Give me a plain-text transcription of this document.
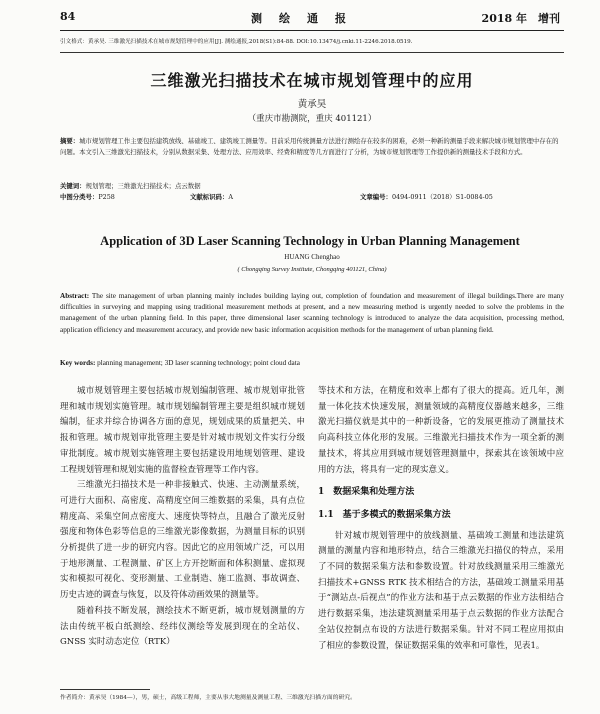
84	测　绘　通　报	2018 年　增刊
引文格式：黄承昊. 三维激光扫描技术在城市规划管理中的应用[J]. 测绘通报,2018(S1):84-88. DOI:10.13474/j.cnki.11-2246.2018.0519.
三维激光扫描技术在城市规划管理中的应用
黄承昊
（重庆市勘测院，重庆 401121）
摘要：城市规划管理工作主要包括建筑放线、基础竣工、建筑竣工测量等。目前采用传统测量方法进行测绘存在较多的困难，必须一种新的测量手段来解决城市规划管理中存在的问题。本文引入三维激光扫描技术，分别从数据采集、处理方法、应用效率、经费和精度等几方面进行了分析，为城市规划管理等工作提供新的测量技术手段和方式。
关键词：规划管理；三维激光扫描技术；点云数据
中图分类号：P258	文献标识码：A	文章编号：0494-0911（2018）S1-0084-05
Application of 3D Laser Scanning Technology in Urban Planning Management
HUANG Chenghao
( Chongqing Survey Institute, Chongqing 401121, China)
Abstract: The site management of urban planning mainly includes building laying out, completion of foundation and measurement of illegal buildings.There are many difficulties in surveying and mapping using traditional measurement methods at present, and a new measuring method is urgently needed to solve the problems in the management of the urban planning field. In this paper, three dimensional laser scanning technology is introduced to analyze the data acquisition, processing method, application efficiency and measurement accuracy, and provide new basic information acquisition methods for the management of urban planning field.
Key words: planning management; 3D laser scanning technology; point cloud data

城市规划管理主要包括城市规划编制管理、城市规划审批管理和城市规划实施管理。城市规划编制管理主要是组织城市规划编制，征求并综合协调各方面的意见，规划成果的质量把关、申报和管理。城市规划审批管理主要是针对城市规划文件实行分级审批制度。城市规划实施管理主要包括建设用地规划管理、建设工程规划管理和规划实施的监督检查管理等工作内容。

三维激光扫描技术是一种非接触式、快速、主动测量系统，可进行大面积、高密度、高精度空间三维数据的采集，具有点位精度高、采集空间点密度大、速度快等特点，且融合了激光反射强度和物体色彩等信息的三维激光影像数据，为测量目标的识别分析提供了进一步的研究内容。因此它的应用领域广泛，可以用于地形测量、工程测量、矿区上方开挖断面和体积测量、虚拟现实和模拟可视化、变形测量、工业制造、施工监测、事故调查、历史古迹的调查与恢复，以及符体动画效果的测量等。

随着科技不断发展，测绘技术不断更新，城市规划测量的方法由传统平板白纸测绘、经纬仪测绘等发展到现在的全站仪、GNSS 实时动态定位（RTK）

等技术和方法，在精度和效率上都有了很大的提高。近几年，测量一体化技术快速发展，测量领域的高精度仪器越来越多，三维激光扫描仪就是其中的一种新设备，它的发展更推动了测量技术向高科技立体化形的发展。三维激光扫描技术作为一项全新的测量技术，将其应用到城市规划管理测量中，探索其在该领域中应用的方法，将具有一定的现实意义。

1　数据采集和处理方法

1.1　基于多模式的数据采集方法

针对城市规划管理中的放线测量、基础竣工测量和违法建筑测量的测量内容和地形特点，结合三维激光扫描仪的特点，采用了不同的数据采集方法和参数设置。针对放线测量采用三维激光扫描技术+GNSS RTK 技术相结合的方法，基础竣工测量采用基于“测站点-后视点”的作业方法和基于点云数据的作业方法相结合进行数据采集，违法建筑测量采用基于点云数据的作业方法配合全站仪控制点布设的方法进行数据采集。针对不同工程应用拟由了相应的参数设置，保证数据采集的效率和可靠性，见表1。

作者简介：黄承昊（1984—），男，硕士，高级工程师，主要从事大地测量及测量工程、三维激光扫描方面的研究。
